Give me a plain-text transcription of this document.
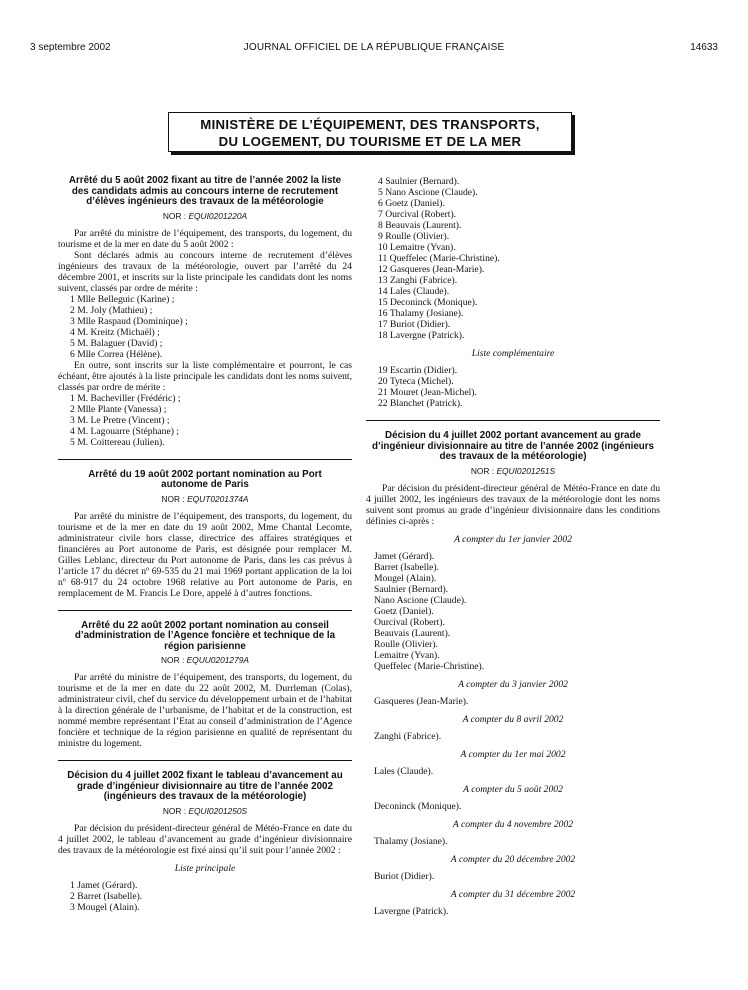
3 septembre 2002	JOURNAL OFFICIEL DE LA RÉPUBLIQUE FRANÇAISE	14633
MINISTÈRE DE L’ÉQUIPEMENT, DES TRANSPORTS,
DU LOGEMENT, DU TOURISME ET DE LA MER
Arrêté du 5 août 2002 fixant au titre de l’année 2002 la liste des candidats admis au concours interne de recrutement d’élèves ingénieurs des travaux de la météorologie
NOR : EQUI0201220A

Par arrêté du ministre de l’équipement, des transports, du logement, du tourisme et de la mer en date du 5 août 2002 :

Sont déclarés admis au concours interne de recrutement d’élèves ingénieurs des travaux de la météorologie, ouvert par l’arrêté du 24 décembre 2001, et inscrits sur la liste principale les candidats dont les noms suivent, classés par ordre de mérite :

1 Mlle Belleguic (Karine) ;
2 M. Joly (Mathieu) ;
3 Mlle Raspaud (Dominique) ;
4 M. Kreitz (Michaël) ;
5 M. Balaguer (David) ;
6 Mlle Correa (Hélène).

En outre, sont inscrits sur la liste complémentaire et pourront, le cas échéant, être ajoutés à la liste principale les candidats dont les noms suivent, classés par ordre de mérite :

1 M. Bacheviller (Frédéric) ;
2 Mlle Plante (Vanessa) ;
3 M. Le Pretre (Vincent) ;
4 M. Lagouarre (Stéphane) ;
5 M. Coittereau (Julien).
Arrêté du 19 août 2002 portant nomination au Port autonome de Paris
NOR : EQUT0201374A

Par arrêté du ministre de l’équipement, des transports, du logement, du tourisme et de la mer en date du 19 août 2002, Mme Chantal Lecomte, administrateur civile hors classe, directrice des affaires stratégiques et financières au Port autonome de Paris, est désignée pour remplacer M. Gilles Leblanc, directeur du Port autonome de Paris, dans les cas prévus à l’article 17 du décret nº 69-535 du 21 mai 1969 portant application de la loi nº 68-917 du 24 octobre 1968 relative au Port autonome de Paris, en remplacement de M. Francis Le Dore, appelé à d’autres fonctions.

Arrêté du 22 août 2002 portant nomination au conseil d’administration de l’Agence foncière et technique de la région parisienne
NOR : EQUU0201279A

Par arrêté du ministre de l’équipement, des transports, du logement, du tourisme et de la mer en date du 22 août 2002, M. Durrleman (Colas), administrateur civil, chef du service du développement urbain et de l’habitat à la direction générale de l’urbanisme, de l’habitat et de la construction, est nommé membre représentant l’Etat au conseil d’administration de l’Agence foncière et technique de la région parisienne en qualité de représentant du ministre du logement.

Décision du 4 juillet 2002 fixant le tableau d’avancement au grade d’ingénieur divisionnaire au titre de l’année 2002 (ingénieurs des travaux de la météorologie)
NOR : EQUI0201250S

Par décision du président-directeur général de Météo-France en date du 4 juillet 2002, le tableau d’avancement au grade d’ingénieur divisionnaire des travaux de la météorologie est fixé ainsi qu’il suit pour l’année 2002 :

Liste principale
1 Jamet (Gérard).
2 Barret (Isabelle).
3 Mougel (Alain).
4 Saulnier (Bernard).
5 Nano Ascione (Claude).
6 Goetz (Daniel).
7 Ourcival (Robert).
8 Beauvais (Laurent).
9 Roulle (Olivier).
10 Lemaitre (Yvan).
11 Queffelec (Marie-Christine).
12 Gasqueres (Jean-Marie).
13 Zanghi (Fabrice).
14 Lales (Claude).
15 Deconinck (Monique).
16 Thalamy (Josiane).
17 Buriot (Didier).
18 Lavergne (Patrick).
Liste complémentaire
19 Escartin (Didier).
20 Tyteca (Michel).
21 Mouret (Jean-Michel).
22 Blanchet (Patrick).
Décision du 4 juillet 2002 portant avancement au grade d’ingénieur divisionnaire au titre de l’année 2002 (ingénieurs des travaux de la météorologie)
NOR : EQUI0201251S

Par décision du président-directeur général de Météo-France en date du 4 juillet 2002, les ingénieurs des travaux de la météorologie dont les noms suivent sont promus au grade d’ingénieur divisionnaire dans les conditions définies ci-après :

A compter du 1er janvier 2002
Jamet (Gérard).
Barret (Isabelle).
Mougel (Alain).
Saulnier (Bernard).
Nano Ascione (Claude).
Goetz (Daniel).
Ourcival (Robert).
Beauvais (Laurent).
Roulle (Olivier).
Lemaitre (Yvan).
Queffelec (Marie-Christine).
A compter du 3 janvier 2002
Gasqueres (Jean-Marie).
A compter du 8 avril 2002
Zanghi (Fabrice).
A compter du 1er mai 2002
Lales (Claude).
A compter du 5 août 2002
Deconinck (Monique).
A compter du 4 novembre 2002
Thalamy (Josiane).
A compter du 20 décembre 2002
Buriot (Didier).
A compter du 31 décembre 2002
Lavergne (Patrick).
